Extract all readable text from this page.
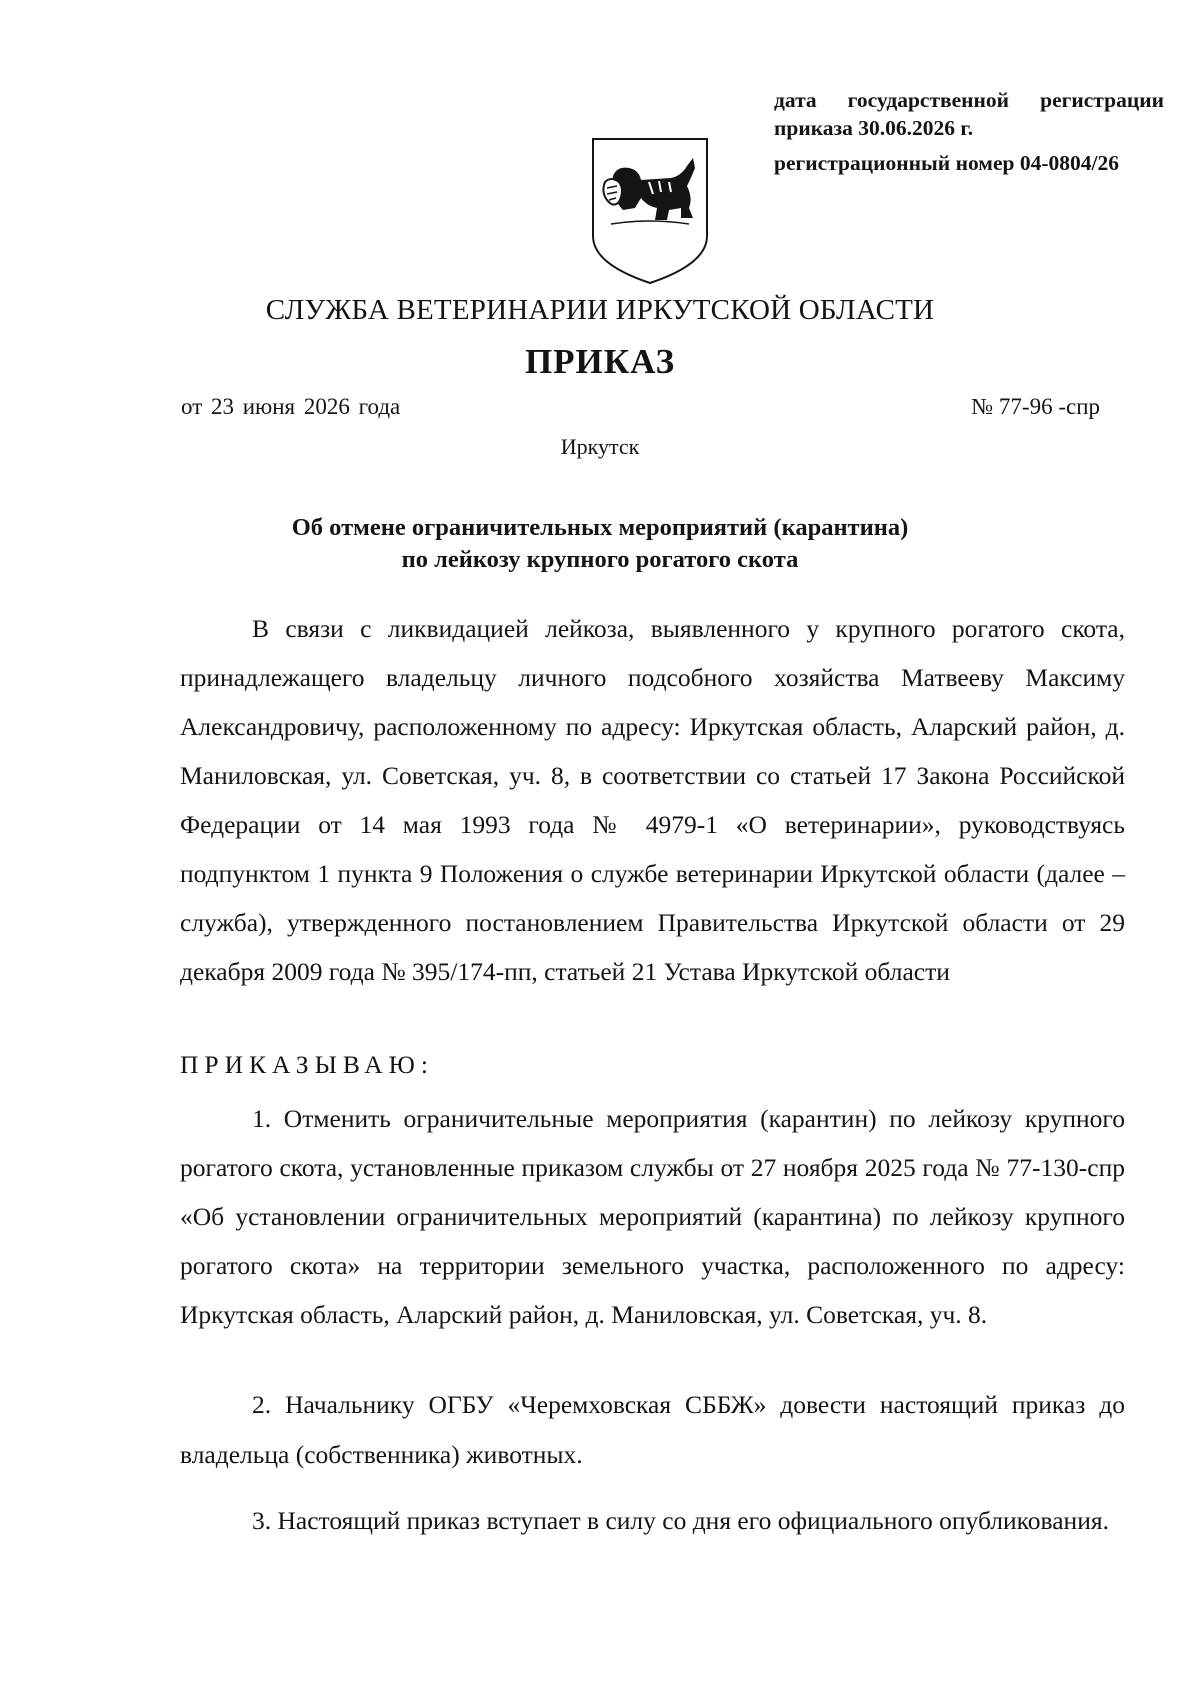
дата государственной регистрации
приказа 30.06.2026 г.
регистрационный номер 04-0804/26
СЛУЖБА ВЕТЕРИНАРИИ ИРКУТСКОЙ ОБЛАСТИ
ПРИКАЗ
от 23 июня 2026 года	№ 77-96 -спр
Иркутск
Об отмене ограничительных мероприятий (карантина)
по лейкозу крупного рогатого скота

В связи с ликвидацией лейкоза, выявленного у крупного рогатого скота, принадлежащего владельцу личного подсобного хозяйства Матвееву Максиму Александровичу, расположенному по адресу: Иркутская область, Аларский район, д. Маниловская, ул. Советская, уч. 8, в соответствии со статьей 17 Закона Российской Федерации от 14 мая 1993 года № 4979-1 «О ветеринарии», руководствуясь подпунктом 1 пункта 9 Положения о службе ветеринарии Иркутской области (далее – служба), утвержденного постановлением Правительства Иркутской области от 29 декабря 2009 года № 395/174-пп, статьей 21 Устава Иркутской области

ПРИКАЗЫВАЮ:

1. Отменить ограничительные мероприятия (карантин) по лейкозу крупного рогатого скота, установленные приказом службы от 27 ноября 2025 года № 77-130-спр «Об установлении ограничительных мероприятий (карантина) по лейкозу крупного рогатого скота» на территории земельного участка, расположенного по адресу: Иркутская область, Аларский район, д. Маниловская, ул. Советская, уч. 8.

2. Начальнику ОГБУ «Черемховская СББЖ» довести настоящий приказ до владельца (собственника) животных.

3. Настоящий приказ вступает в силу со дня его официального опубликования.
